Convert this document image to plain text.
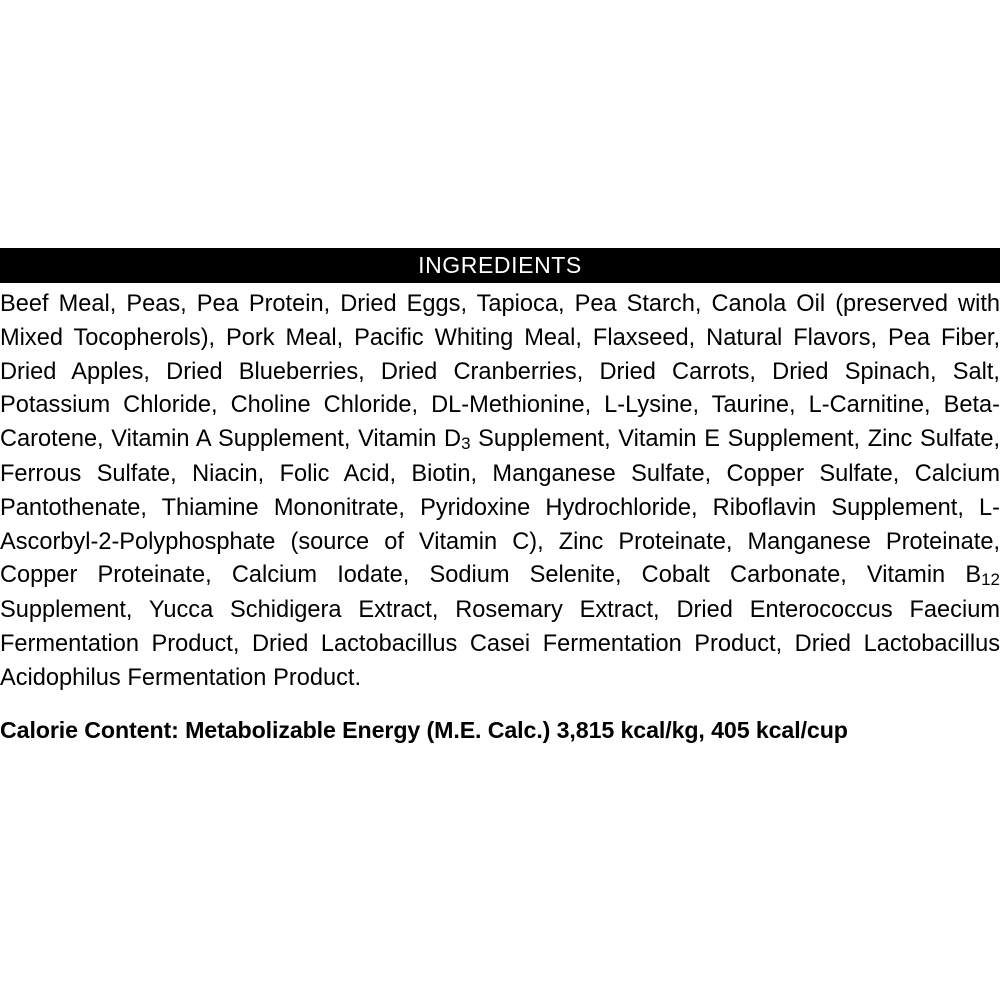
INGREDIENTS
Beef Meal, Peas, Pea Protein, Dried Eggs, Tapioca, Pea Starch, Canola Oil (preserved with Mixed Tocopherols), Pork Meal, Pacific Whiting Meal, Flaxseed, Natural Flavors, Pea Fiber, Dried Apples, Dried Blueberries, Dried Cranberries, Dried Carrots, Dried Spinach, Salt, Potassium Chloride, Choline Chloride, DL-Methionine, L-Lysine, Taurine, L-Carnitine, Beta-Carotene, Vitamin A Supplement, Vitamin $D_3$ Supplement, Vitamin E Supplement, Zinc Sulfate, Ferrous Sulfate, Niacin, Folic Acid, Biotin, Manganese Sulfate, Copper Sulfate, Calcium Pantothenate, Thiamine Mononitrate, Pyridoxine Hydrochloride, Riboflavin Supplement, L-Ascorbyl-2-Polyphosphate (source of Vitamin C), Zinc Proteinate, Manganese Proteinate, Copper Proteinate, Calcium Iodate, Sodium Selenite, Cobalt Carbonate, Vitamin $B_{12}$ Supplement, Yucca Schidigera Extract, Rosemary Extract, Dried Enterococcus Faecium Fermentation Product, Dried Lactobacillus Casei Fermentation Product, Dried Lactobacillus Acidophilus Fermentation Product.
Calorie Content: Metabolizable Energy (M.E. Calc.) 3,815 kcal/kg, 405 kcal/cup
